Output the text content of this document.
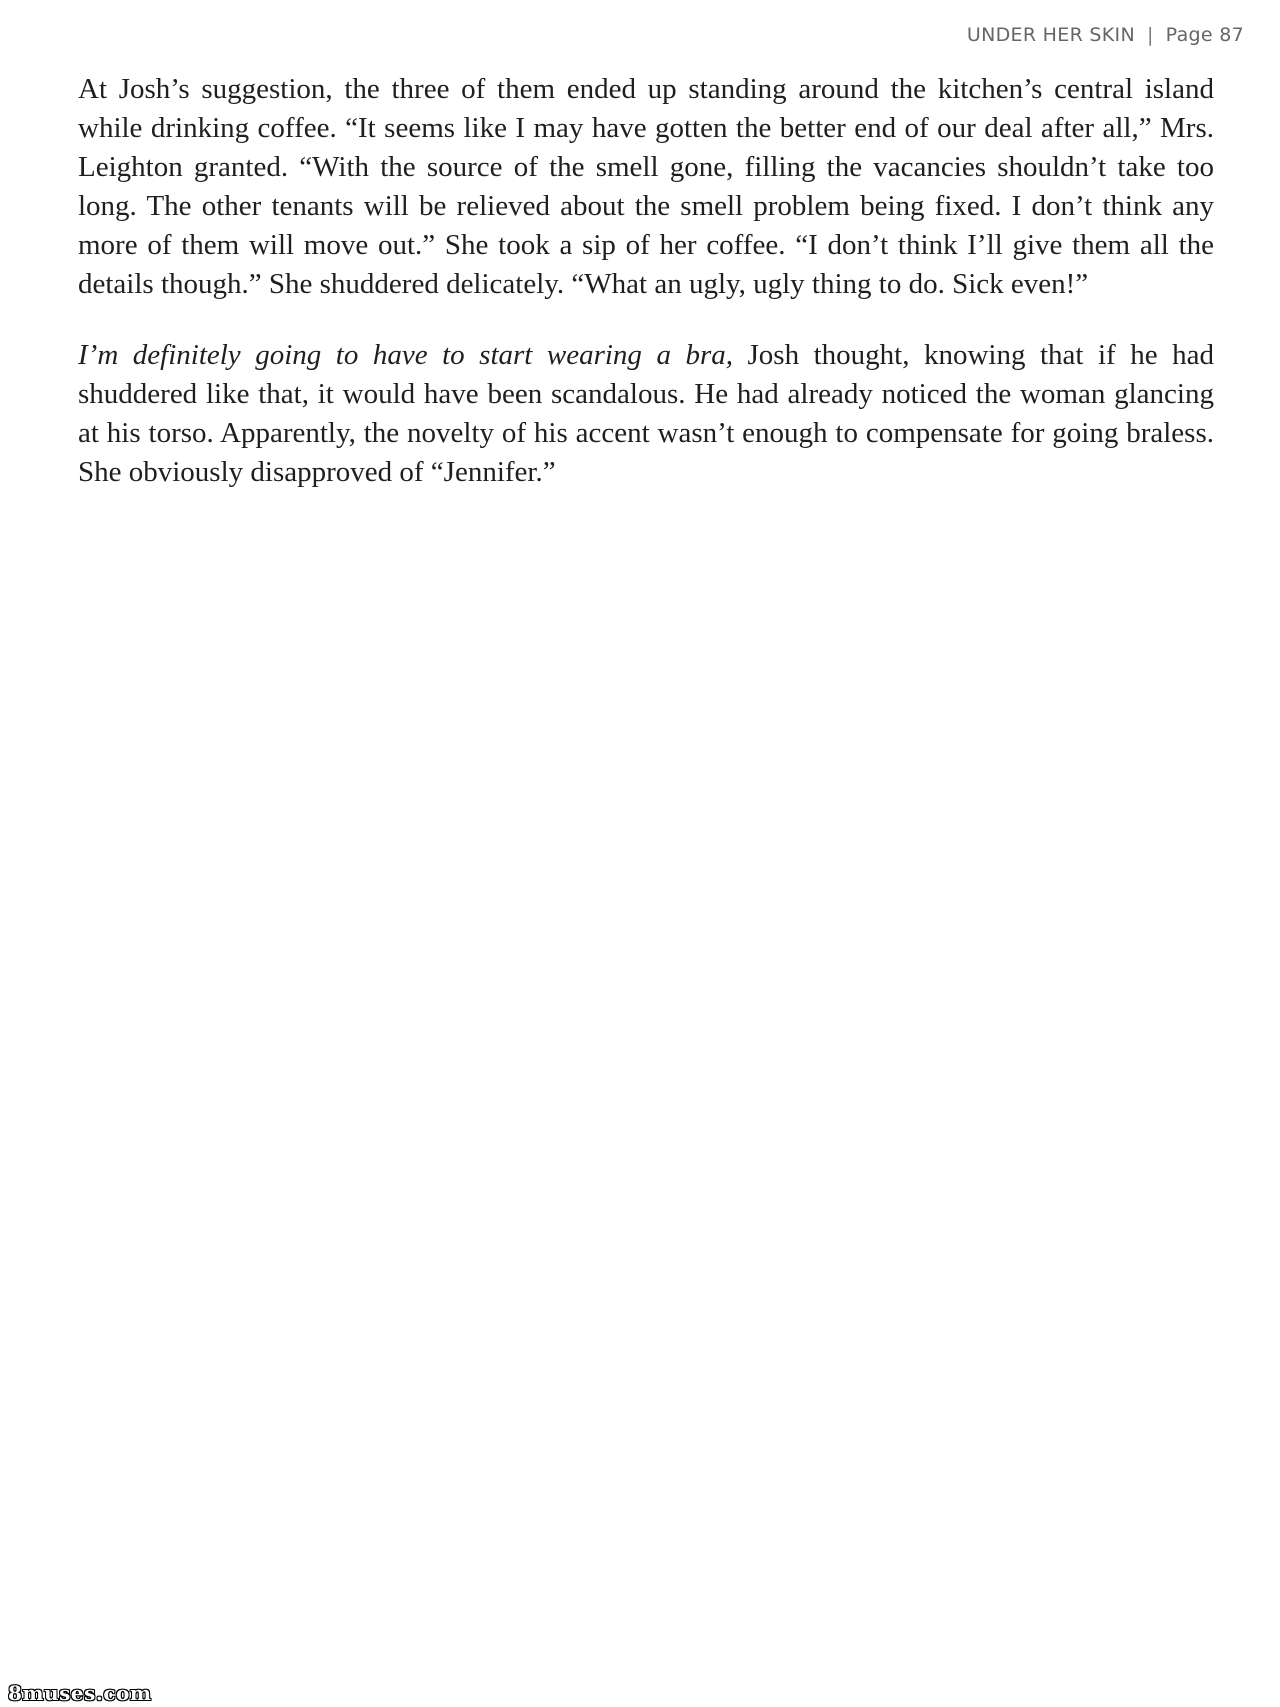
UNDER HER SKIN | Page 87

At Josh’s suggestion, the three of them ended up standing around the kitchen’s central island while drinking coffee. “It seems like I may have gotten the better end of our deal after all,” Mrs. Leighton granted. “With the source of the smell gone, filling the vacancies shouldn’t take too long. The other tenants will be relieved about the smell problem being fixed. I don’t think any more of them will move out.” She took a sip of her coffee. “I don’t think I’ll give them all the details though.” She shuddered delicately. “What an ugly, ugly thing to do. Sick even!”

I’m definitely going to have to start wearing a bra, Josh thought, knowing that if he had shuddered like that, it would have been scandalous. He had already noticed the woman glancing at his torso. Apparently, the novelty of his accent wasn’t enough to compensate for going braless. She obviously disapproved of “Jennifer.”

8muses.com
